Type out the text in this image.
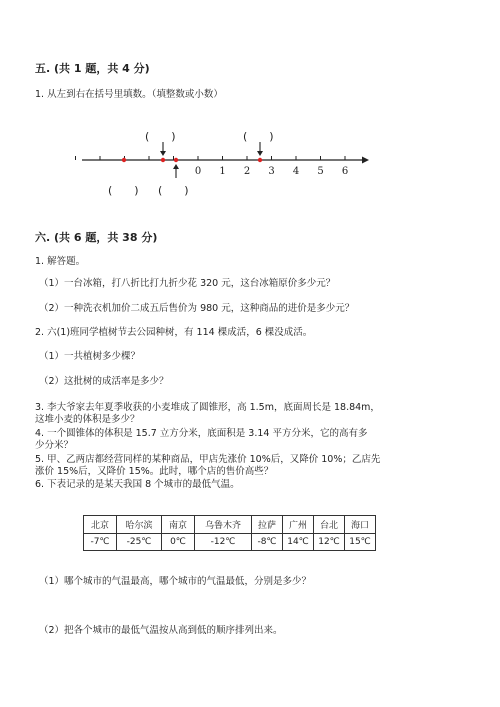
五. (共 1 题，共 4 分)
1. 从左到右在括号里填数。（填整数或小数）
0 1 2 3 4 5 6
(　　)	(　　)
(　　) (　　)
六. (共 6 题，共 38 分)
1. 解答题。
（1）一台冰箱，打八折比打九折少花 320 元，这台冰箱原价多少元？
（2）一种洗衣机加价二成五后售价为 980 元，这种商品的进价是多少元？
2. 六(1)班同学植树节去公园种树，有 114 棵成活，6 棵没成活。
（1）一共植树多少棵？
（2）这批树的成活率是多少？
3. 李大爷家去年夏季收获的小麦堆成了圆锥形，高 1.5m，底面周长是 18.84m，
这堆小麦的体积是多少？
4. 一个圆锥体的体积是 15.7 立方分米，底面积是 3.14 平方分米，它的高有多
少分米？
5. 甲、乙两店都经营同样的某种商品，甲店先涨价 10%后，又降价 10%；乙店先
涨价 15%后，又降价 15%。此时，哪个店的售价高些？
6. 下表记录的是某天我国 8 个城市的最低气温。
北京	哈尔滨	南京	乌鲁木齐	拉萨	广州	台北	海口
-7℃	-25℃	0℃	-12℃	-8℃	14℃	12℃	15℃
（1）哪个城市的气温最高，哪个城市的气温最低，分别是多少？
（2）把各个城市的最低气温按从高到低的顺序排列出来。
